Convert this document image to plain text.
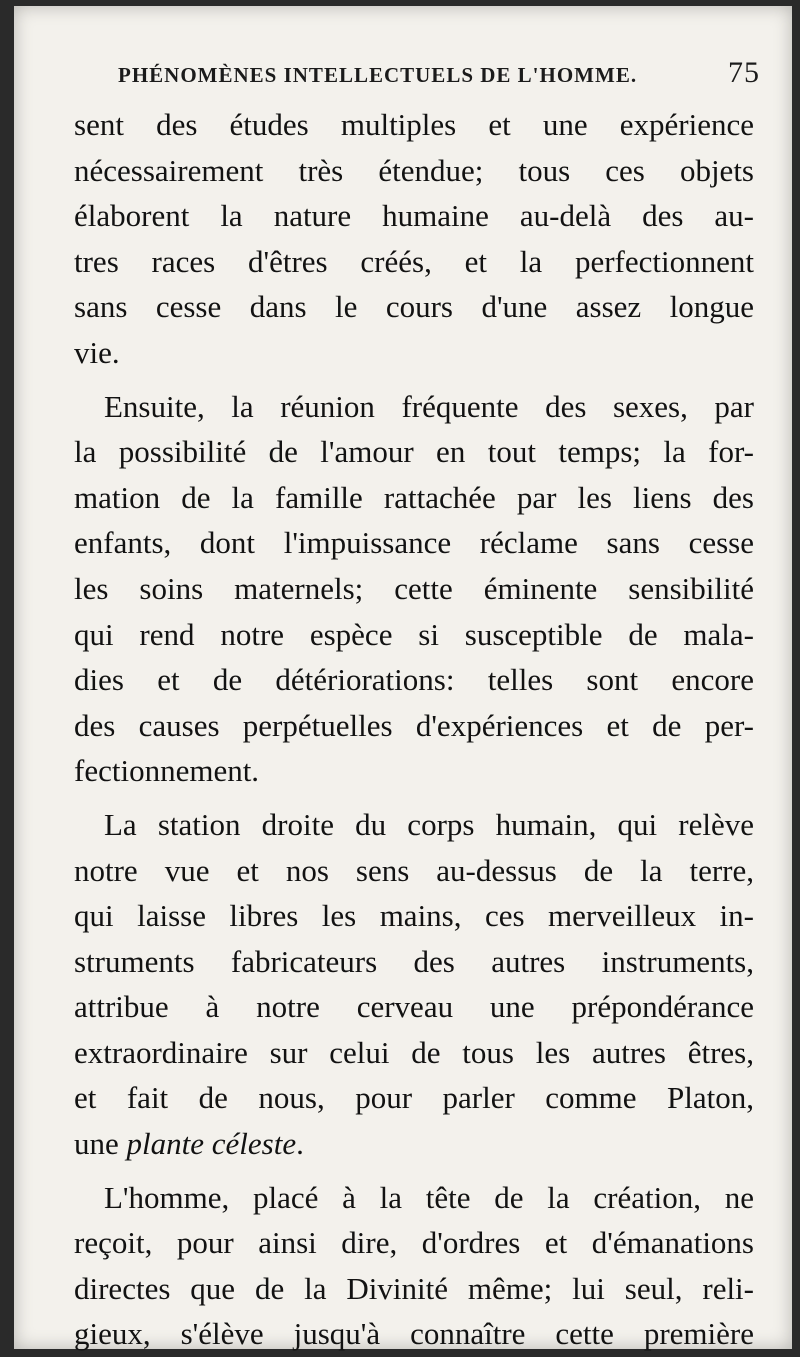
PHÉNOMÈNES INTELLECTUELS DE L'HOMME.	75
sent des études multiples et une expérience
nécessairement très étendue; tous ces objets
élaborent la nature humaine au-delà des au-
tres races d'êtres créés, et la perfectionnent
sans cesse dans le cours d'une assez longue
vie.
Ensuite, la réunion fréquente des sexes, par
la possibilité de l'amour en tout temps; la for-
mation de la famille rattachée par les liens des
enfants, dont l'impuissance réclame sans cesse
les soins maternels; cette éminente sensibilité
qui rend notre espèce si susceptible de mala-
dies et de détériorations: telles sont encore
des causes perpétuelles d'expériences et de per-
fectionnement.
La station droite du corps humain, qui relève
notre vue et nos sens au-dessus de la terre,
qui laisse libres les mains, ces merveilleux in-
struments fabricateurs des autres instruments,
attribue à notre cerveau une prépondérance
extraordinaire sur celui de tous les autres êtres,
et fait de nous, pour parler comme Platon,
une plante céleste.
L'homme, placé à la tête de la création, ne
reçoit, pour ainsi dire, d'ordres et d'émanations
directes que de la Divinité même; lui seul, reli-
gieux, s'élève jusqu'à connaître cette première
